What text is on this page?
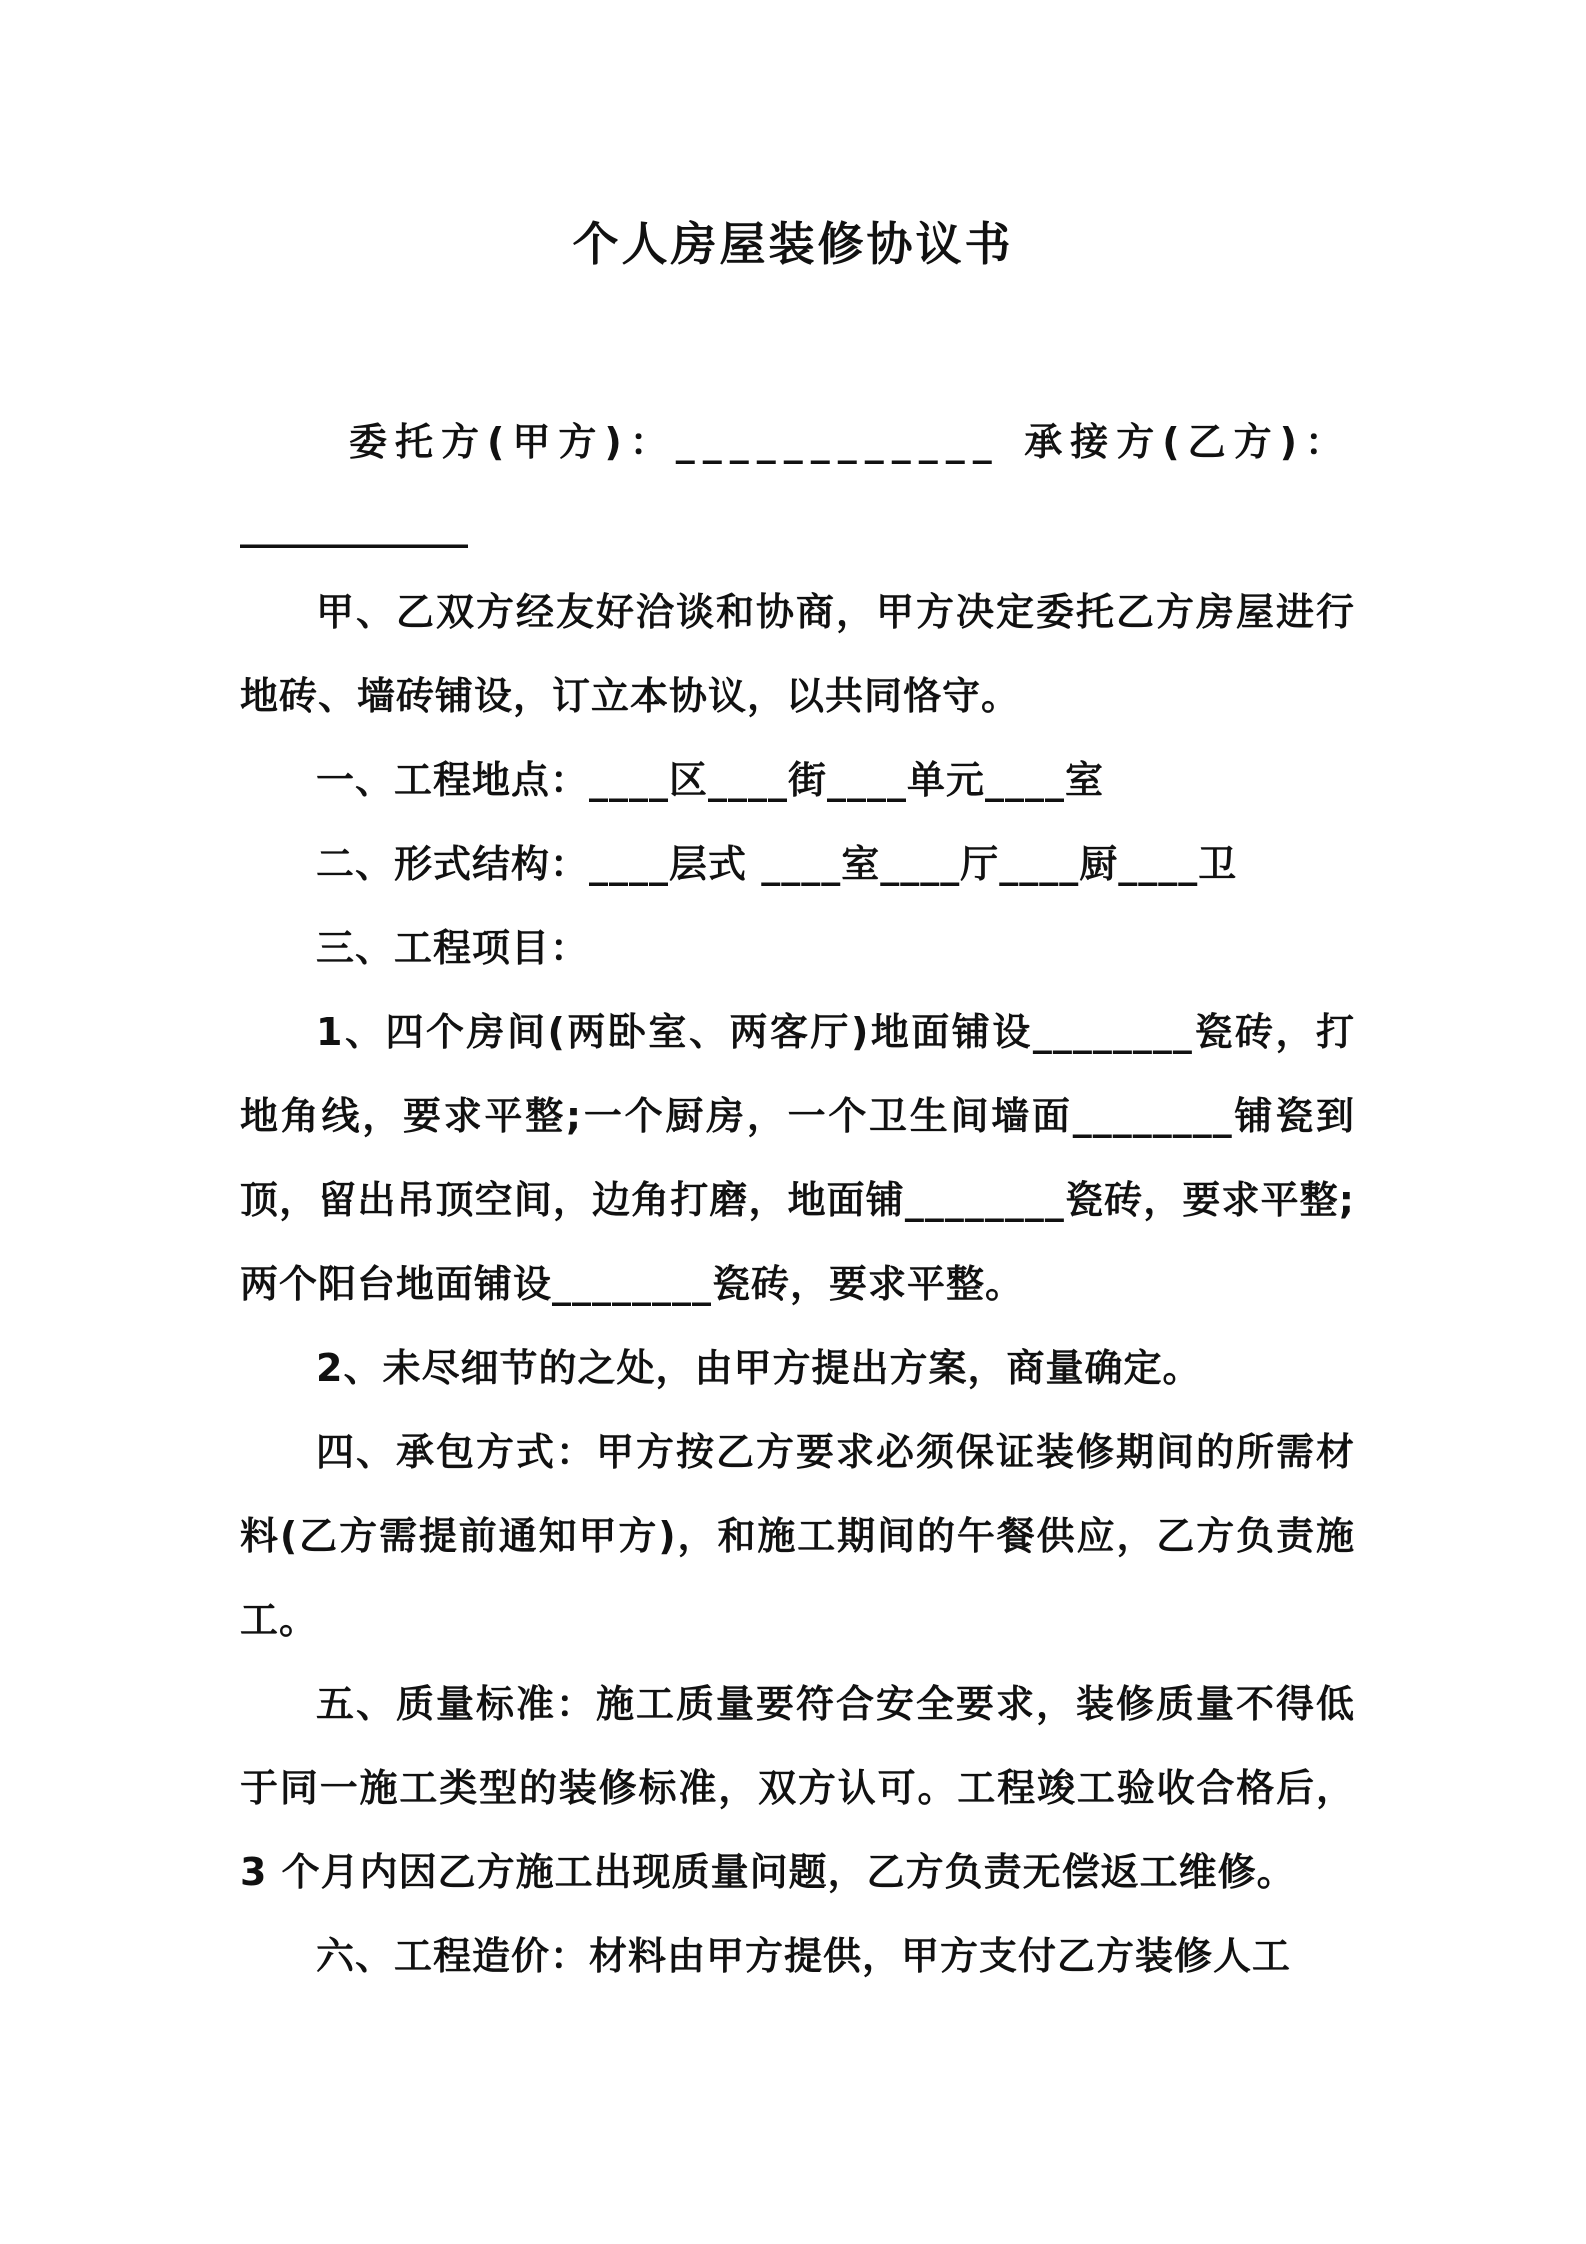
个人房屋装修协议书
委托方(甲方)：____________ 承接方(乙方)：
____________

甲、乙双方经友好洽谈和协商，甲方决定委托乙方房屋进行地砖、墙砖铺设，订立本协议，以共同恪守。

一、工程地点：____区____街____单元____室

二、形式结构：____层式 ____室____厅____厨____卫

三、工程项目：

1、四个房间(两卧室、两客厅)地面铺设________瓷砖，打地角线，要求平整;一个厨房，一个卫生间墙面________铺瓷到顶，留出吊顶空间，边角打磨，地面铺________瓷砖，要求平整;两个阳台地面铺设________瓷砖，要求平整。

2、未尽细节的之处，由甲方提出方案，商量确定。

四、承包方式：甲方按乙方要求必须保证装修期间的所需材料(乙方需提前通知甲方)，和施工期间的午餐供应，乙方负责施工。

五、质量标准：施工质量要符合安全要求，装修质量不得低于同一施工类型的装修标准，双方认可。工程竣工验收合格后，3 个月内因乙方施工出现质量问题，乙方负责无偿返工维修。

六、工程造价：材料由甲方提供，甲方支付乙方装修人工
